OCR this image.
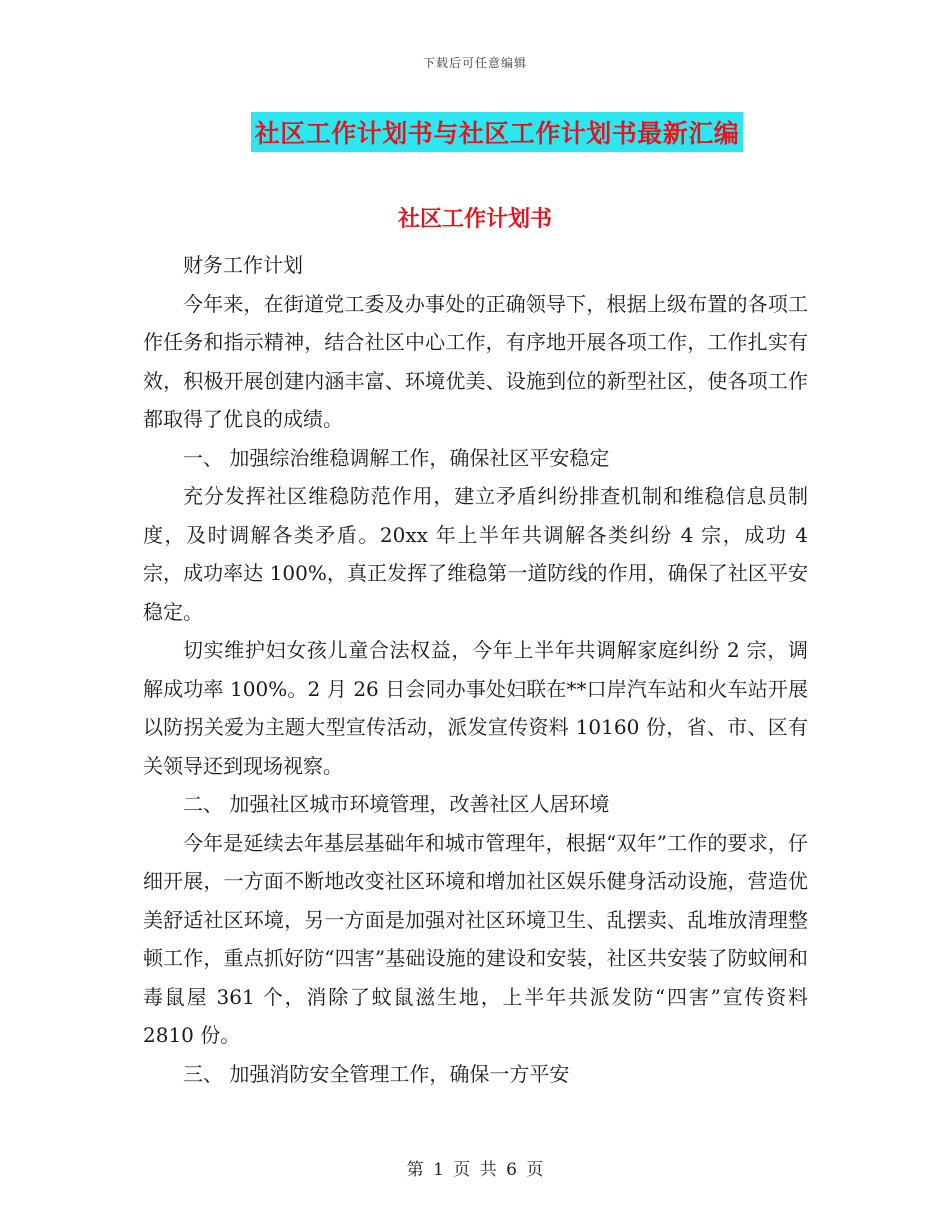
下载后可任意编辑
社区工作计划书与社区工作计划书最新汇编
社区工作计划书

财务工作计划

今年来，在街道党工委及办事处的正确领导下，根据上级布置的各项工作任务和指示精神，结合社区中心工作，有序地开展各项工作，工作扎实有效，积极开展创建内涵丰富、环境优美、设施到位的新型社区，使各项工作都取得了优良的成绩。

一、 加强综治维稳调解工作，确保社区平安稳定

充分发挥社区维稳防范作用，建立矛盾纠纷排查机制和维稳信息员制度，及时调解各类矛盾。20xx 年上半年共调解各类纠纷 4 宗，成功 4 宗，成功率达 100%，真正发挥了维稳第一道防线的作用，确保了社区平安稳定。

切实维护妇女孩儿童合法权益，今年上半年共调解家庭纠纷 2 宗，调解成功率 100%。2 月 26 日会同办事处妇联在**口岸汽车站和火车站开展以防拐关爱为主题大型宣传活动，派发宣传资料 10160 份，省、市、区有关领导还到现场视察。

二、 加强社区城市环境管理，改善社区人居环境

今年是延续去年基层基础年和城市管理年，根据“双年”工作的要求，仔细开展，一方面不断地改变社区环境和增加社区娱乐健身活动设施，营造优美舒适社区环境，另一方面是加强对社区环境卫生、乱摆卖、乱堆放清理整顿工作，重点抓好防“四害”基础设施的建设和安装，社区共安装了防蚊闸和毒鼠屋 361 个，消除了蚊鼠滋生地，上半年共派发防“四害”宣传资料 2810 份。

三、 加强消防安全管理工作，确保一方平安

第 1 页 共 6 页
